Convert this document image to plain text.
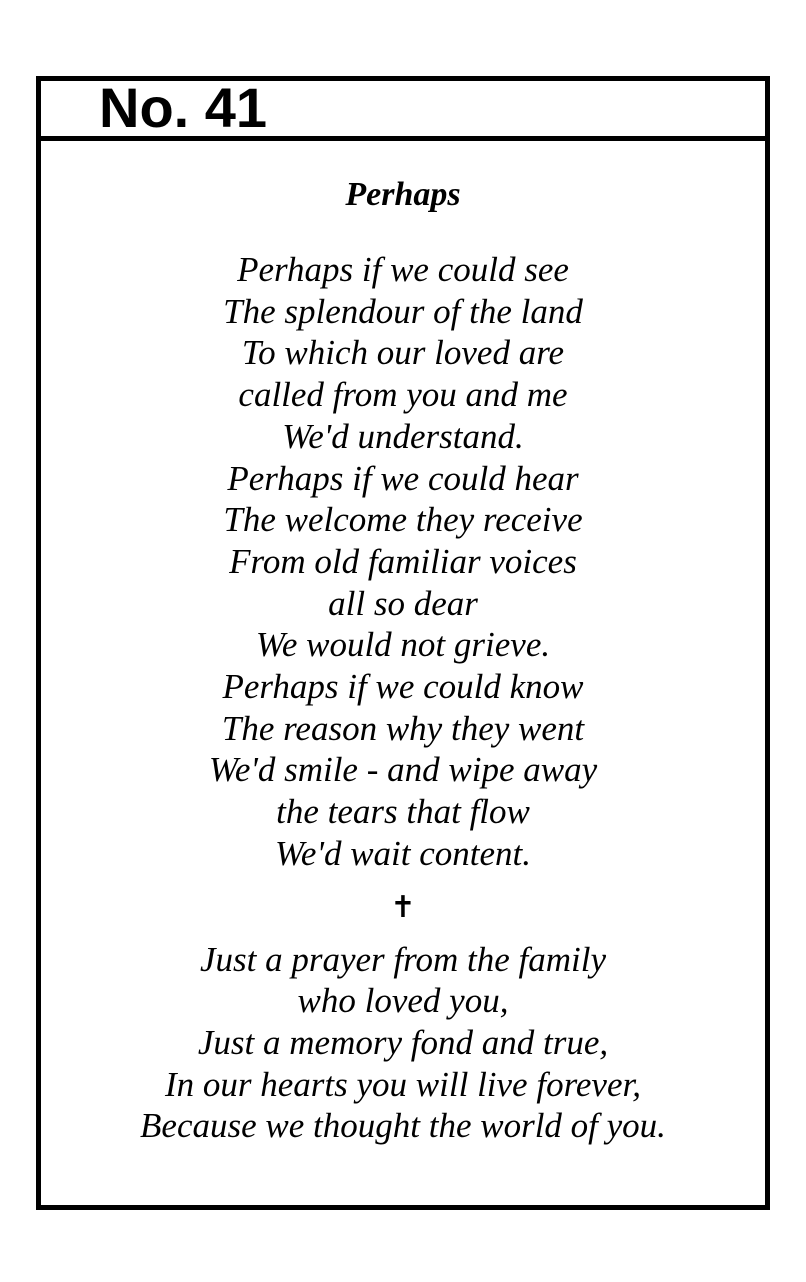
No. 41
Perhaps
Perhaps if we could see
The splendour of the land
To which our loved are
called from you and me
We'd understand.
Perhaps if we could hear
The welcome they receive
From old familiar voices
all so dear
We would not grieve.
Perhaps if we could know
The reason why they went
We'd smile - and wipe away
the tears that flow
We'd wait content.
✝
Just a prayer from the family
who loved you,
Just a memory fond and true,
In our hearts you will live forever,
Because we thought the world of you.
